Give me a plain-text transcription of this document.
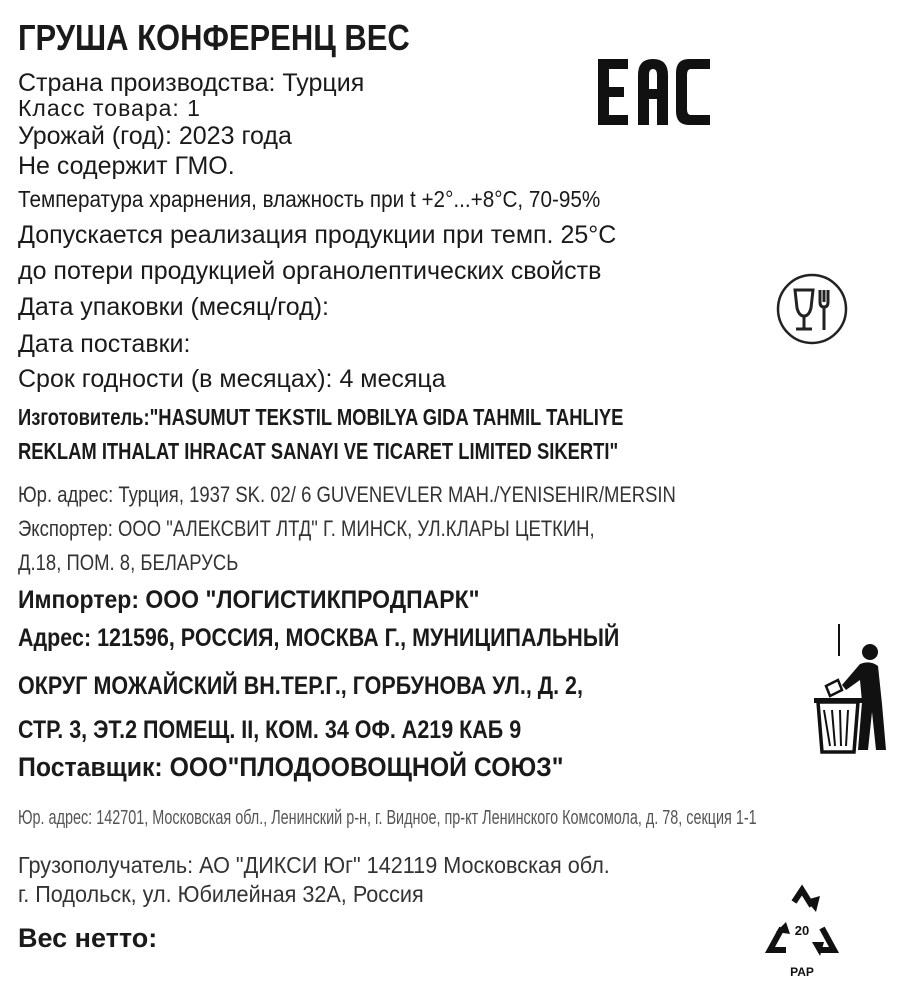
ГРУША КОНФЕРЕНЦ ВЕС
Страна производства: Турция
Класс товара: 1
Урожай (год): 2023 года
Не содержит ГМО.
Температура храрнения, влажность при t +2°...+8°С, 70-95%
Допускается реализация продукции при темп. 25°С
до потери продукцией органолептических свойств
Дата упаковки (месяц/год):
Дата поставки:
Срок годности (в месяцах): 4 месяца
Изготовитель:"HASUMUT TEKSTIL MOBILYA GIDA TAHMIL TAHLIYE
REKLAM ITHALAT IHRACAT SANAYI VE TICARET LIMITED SIKERTI"
Юр. адрес: Турция, 1937 SK. 02/ 6 GUVENEVLER MAH./YENISEHIR/MERSIN
Экспортер: ООО "АЛЕКСВИТ ЛТД" Г. МИНСК, УЛ.КЛАРЫ ЦЕТКИН,
Д.18, ПОМ. 8, БЕЛАРУСЬ
Импортер: ООО "ЛОГИСТИКПРОДПАРК"
Адрес: 121596, РОССИЯ, МОСКВА Г., МУНИЦИПАЛЬНЫЙ
ОКРУГ МОЖАЙСКИЙ ВН.ТЕР.Г., ГОРБУНОВА УЛ., Д. 2,
СТР. 3, ЭТ.2 ПОМЕЩ. II, КОМ. 34 ОФ. А219 КАБ 9
Поставщик: ООО"ПЛОДООВОЩНОЙ СОЮЗ"
Юр. адрес: 142701, Московская обл., Ленинский р-н, г. Видное, пр-кт Ленинского Комсомола, д. 78, секция 1-1
Грузополучатель: АО "ДИКСИ Юг" 142119 Московская обл.
г. Подольск, ул. Юбилейная 32А, Россия
Вес нетто:	20
PAP
